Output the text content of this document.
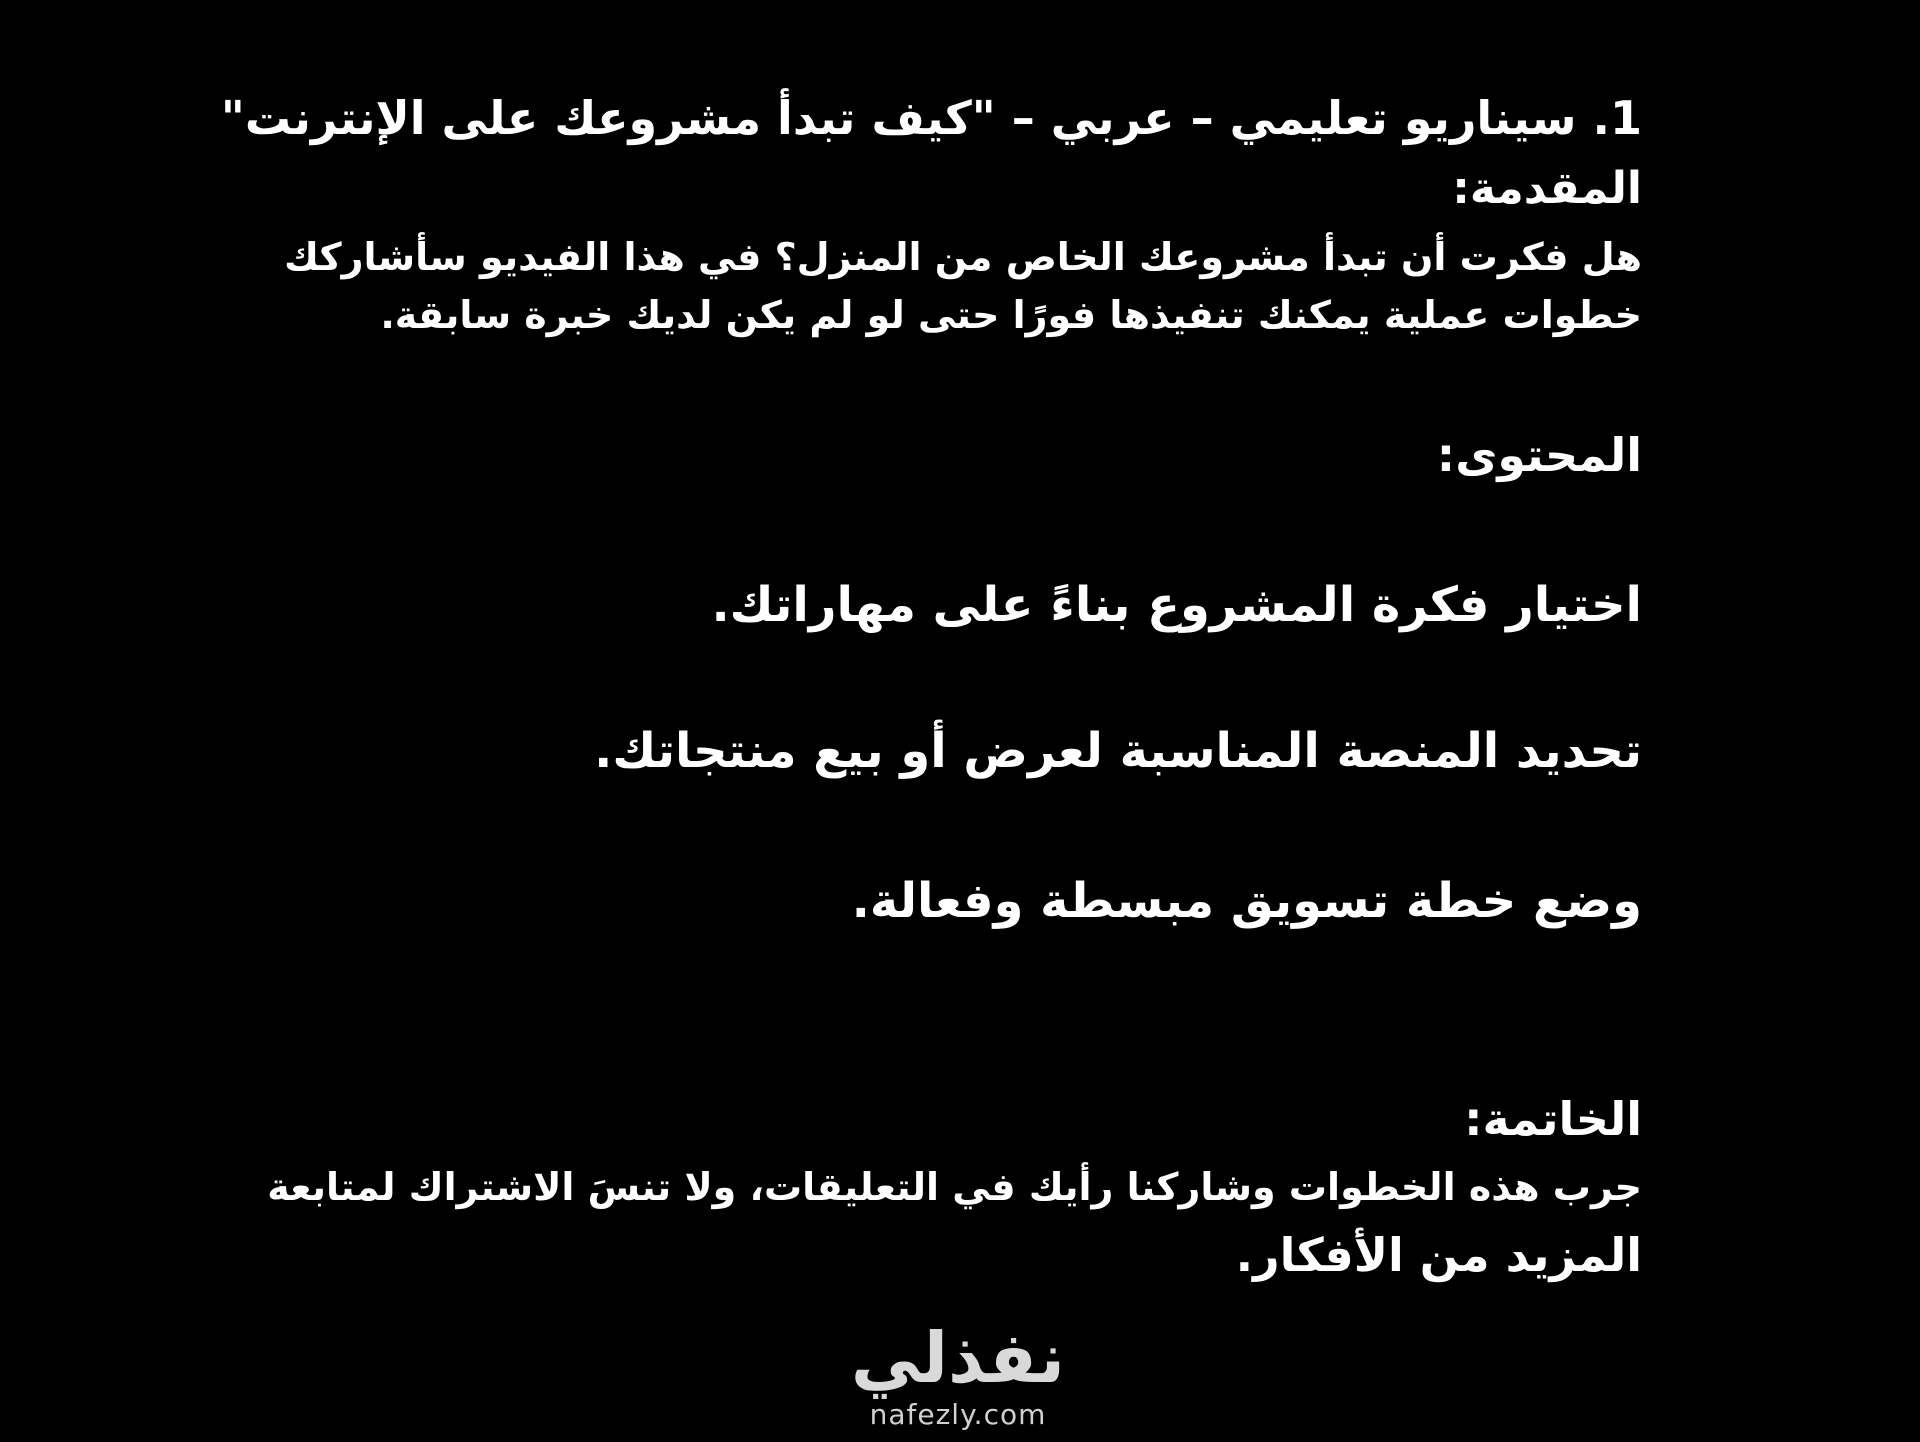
1. سيناريو تعليمي – عربي – "كيف تبدأ مشروعك على الإنترنت"
المقدمة:

هل فكرت أن تبدأ مشروعك الخاص من المنزل؟ في هذا الفيديو سأشاركك
خطوات عملية يمكنك تنفيذها فورًا حتى لو لم يكن لديك خبرة سابقة.

المحتوى:

اختيار فكرة المشروع بناءً على مهاراتك.

تحديد المنصة المناسبة لعرض أو بيع منتجاتك.

وضع خطة تسويق مبسطة وفعالة.

الخاتمة:

جرب هذه الخطوات وشاركنا رأيك في التعليقات، ولا تنسَ الاشتراك لمتابعة

المزيد من الأفكار.

نفذلي
nafezly.com
